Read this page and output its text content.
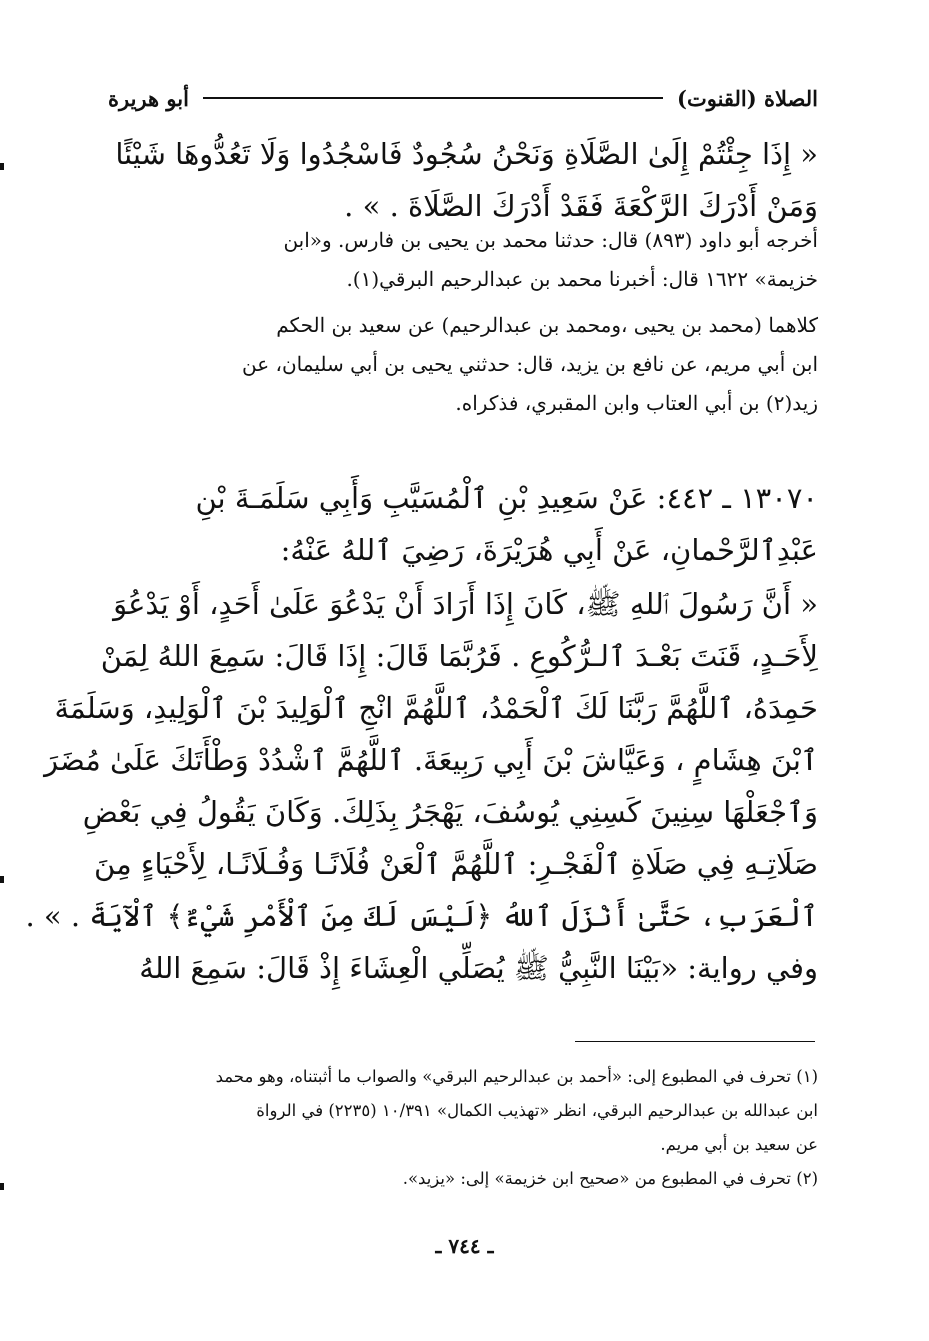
الصلاة (القنوت)
أبو هريرة
« إِذَا جِئْتُمْ إِلَىٰ الصَّلَاةِ وَنَحْنُ سُجُودٌ فَاسْجُدُوا وَلَا تَعُدُّوهَا شَيْئًا
وَمَنْ أَدْرَكَ الرَّكْعَةَ فَقَدْ أَدْرَكَ الصَّلَاةَ . » .
أخرجه أبو داود (٨٩٣) قال: حدثنا محمد بن يحيى بن فارس. و«ابن
خزيمة» ١٦٢٢ قال: أخبرنا محمد بن عبدالرحيم البرقي(١).
كلاهما (محمد بن يحيى ،ومحمد بن عبدالرحيم) عن سعيد بن الحكم
ابن أبي مريم، عن نافع بن يزيد، قال: حدثني يحيى بن أبي سليمان، عن
زيد(٢) بن أبي العتاب وابن المقبري، فذكراه.
١٣٠٧٠ ـ ٤٤٢: عَنْ سَعِيدِ بْنِ ٱلْمُسَيَّبِ وَأَبِي سَلَمَـةَ بْنِ
عَبْدِٱلرَّحْمانِ، عَنْ أَبِي هُرَيْرَةَ، رَضِيَ ٱللهُ عَنْهُ:
« أَنَّ رَسُولَ ٱللهِ ﷺ، كَانَ إِذَا أَرَادَ أَنْ يَدْعُوَ عَلَىٰ أَحَدٍ، أَوْ يَدْعُوَ
لِأَحَـدٍ، قَنَتَ بَعْـدَ ٱلـرُّكُوعِ . فَرُبَّمَا قَالَ: إِذَا قَالَ: سَمِعَ اللهُ لِمَنْ
حَمِدَهُ، ٱللَّهُمَّ رَبَّنَا لَكَ ٱلْحَمْدُ، ٱللَّهُمَّ انْجِ ٱلْوَلِيدَ بْنَ ٱلْوَلِيدِ، وَسَلَمَةَ
ٱبْنَ هِشَامٍ ، وَعَيَّاشَ بْنَ أَبِي رَبِيعَةَ. ٱللَّهُمَّ ٱشْدُدْ وَطْأَتَكَ عَلَىٰ مُضَرَ
وَٱجْعَلْهَا سِنِينَ كَسِنِي يُوسُفَ، يَهْجَرُ بِذَلِكَ. وَكَانَ يَقُولُ فِي بَعْضِ
صَلَاتِـهِ فِي صَلَاةِ ٱلْفَجْـرِ: ٱللَّهُمَّ ٱلْعَنْ فُلَانًـا وَفُـلَانًـا، لِأَحْيَاءٍ مِنَ
ٱلْعَرَبِ، حَتَّىٰ أَنْزَلَ ٱللهُ ﴿لَيْسَ لَكَ مِنَ ٱلْأَمْرِ شَيْءٌ﴾ ٱلْآيَةَ . » .
وفي رواية: «بَيْنَا النَّبِيُّ ﷺ يُصَلِّي الْعِشَاءَ إِذْ قَالَ: سَمِعَ اللهُ
(١) تحرف في المطبوع إلى: «أحمد بن عبدالرحيم البرقي» والصواب ما أثبتناه، وهو محمد
ابن عبدالله بن عبدالرحيم البرقي، انظر «تهذيب الكمال» ١٠/٣٩١ (٢٢٣٥) في الرواة
عن سعيد بن أبي مريم.
(٢) تحرف في المطبوع من «صحيح ابن خزيمة» إلى: «يزيد».
ـ ٧٤٤ ـ
